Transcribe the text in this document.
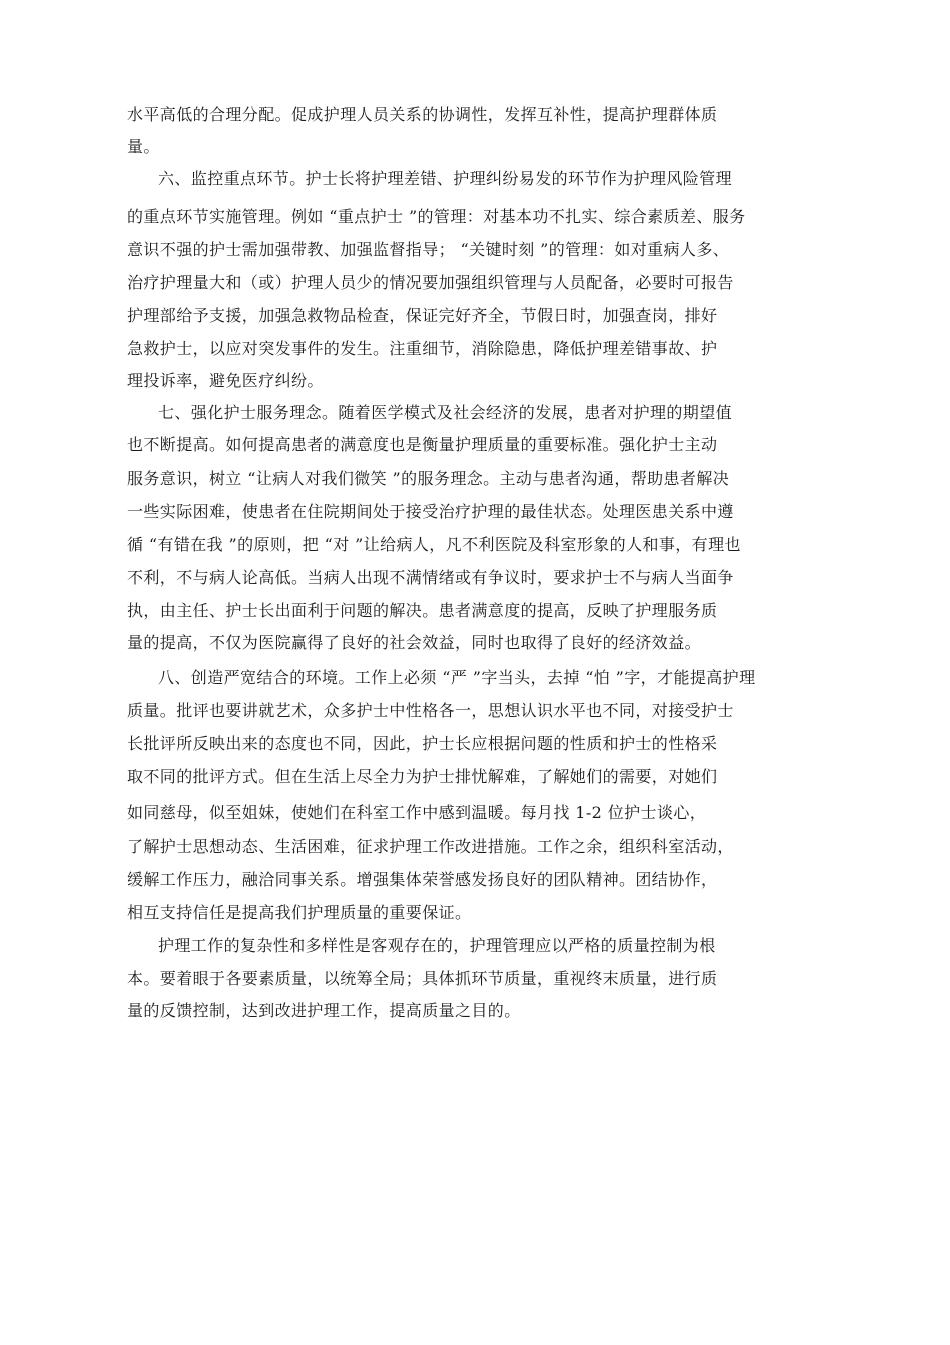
水平高低的合理分配。促成护理人员关系的协调性，发挥互补性，提高护理群体质
量。
六、监控重点环节。护士长将护理差错、护理纠纷易发的环节作为护理风险管理
的重点环节实施管理。例如 “重点护士 ”的管理：对基本功不扎实、综合素质差、服务
意识不强的护士需加强带教、加强监督指导； “关键时刻 ”的管理：如对重病人多、
治疗护理量大和（或）护理人员少的情况要加强组织管理与人员配备，必要时可报告
护理部给予支援，加强急救物品检查，保证完好齐全，节假日时，加强查岗，排好
急救护士，以应对突发事件的发生。注重细节，消除隐患，降低护理差错事故、护
理投诉率，避免医疗纠纷。
七、强化护士服务理念。随着医学模式及社会经济的发展，患者对护理的期望值
也不断提高。如何提高患者的满意度也是衡量护理质量的重要标准。强化护士主动
服务意识，树立 “让病人对我们微笑 ”的服务理念。主动与患者沟通，帮助患者解决
一些实际困难，使患者在住院期间处于接受治疗护理的最佳状态。处理医患关系中遵
循 “有错在我 ”的原则，把 “对 ”让给病人，凡不利医院及科室形象的人和事，有理也
不利，不与病人论高低。当病人出现不满情绪或有争议时，要求护士不与病人当面争
执，由主任、护士长出面利于问题的解决。患者满意度的提高，反映了护理服务质
量的提高，不仅为医院赢得了良好的社会效益，同时也取得了良好的经济效益。
八、创造严宽结合的环境。工作上必须 “严 ”字当头，去掉 “怕 ”字，才能提高护理
质量。批评也要讲就艺术，众多护士中性格各一，思想认识水平也不同，对接受护士
长批评所反映出来的态度也不同，因此，护士长应根据问题的性质和护士的性格采
取不同的批评方式。但在生活上尽全力为护士排忧解难，了解她们的需要，对她们
如同慈母，似至姐妹，使她们在科室工作中感到温暖。每月找 1-2 位护士谈心，
了解护士思想动态、生活困难，征求护理工作改进措施。工作之余，组织科室活动，
缓解工作压力，融洽同事关系。增强集体荣誉感发扬良好的团队精神。团结协作，
相互支持信任是提高我们护理质量的重要保证。
护理工作的复杂性和多样性是客观存在的，护理管理应以严格的质量控制为根
本。要着眼于各要素质量，以统筹全局；具体抓环节质量，重视终末质量，进行质
量的反馈控制，达到改进护理工作，提高质量之目的。
